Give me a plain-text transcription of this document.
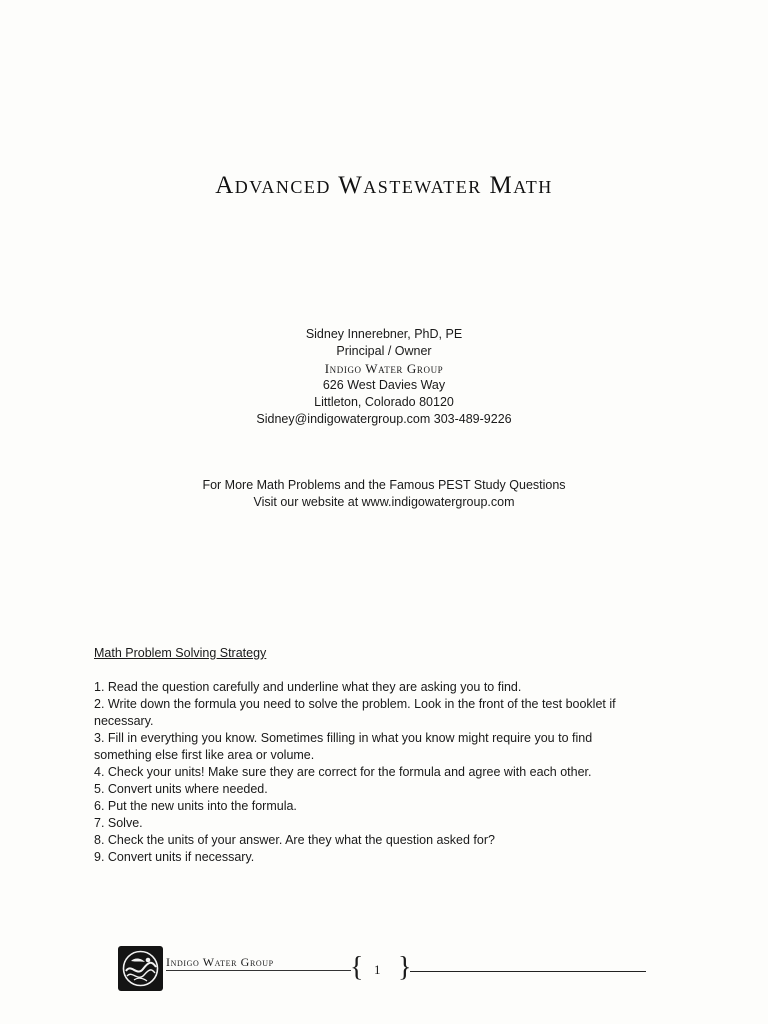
Advanced Wastewater Math
Sidney Innerebner, PhD, PE
Principal / Owner
Indigo Water Group
626 West Davies Way
Littleton, Colorado 80120
Sidney@indigowatergroup.com 303-489-9226
For More Math Problems and the Famous PEST Study Questions
Visit our website at www.indigowatergroup.com
Math Problem Solving Strategy
1. Read the question carefully and underline what they are asking you to find.
2. Write down the formula you need to solve the problem. Look in the front of the test booklet if necessary.
3. Fill in everything you know. Sometimes filling in what you know might require you to find something else first like area or volume.
4. Check your units! Make sure they are correct for the formula and agree with each other.
5. Convert units where needed.
6. Put the new units into the formula.
7. Solve.
8. Check the units of your answer. Are they what the question asked for?
9. Convert units if necessary.
Indigo Water Group	{ 1 }
